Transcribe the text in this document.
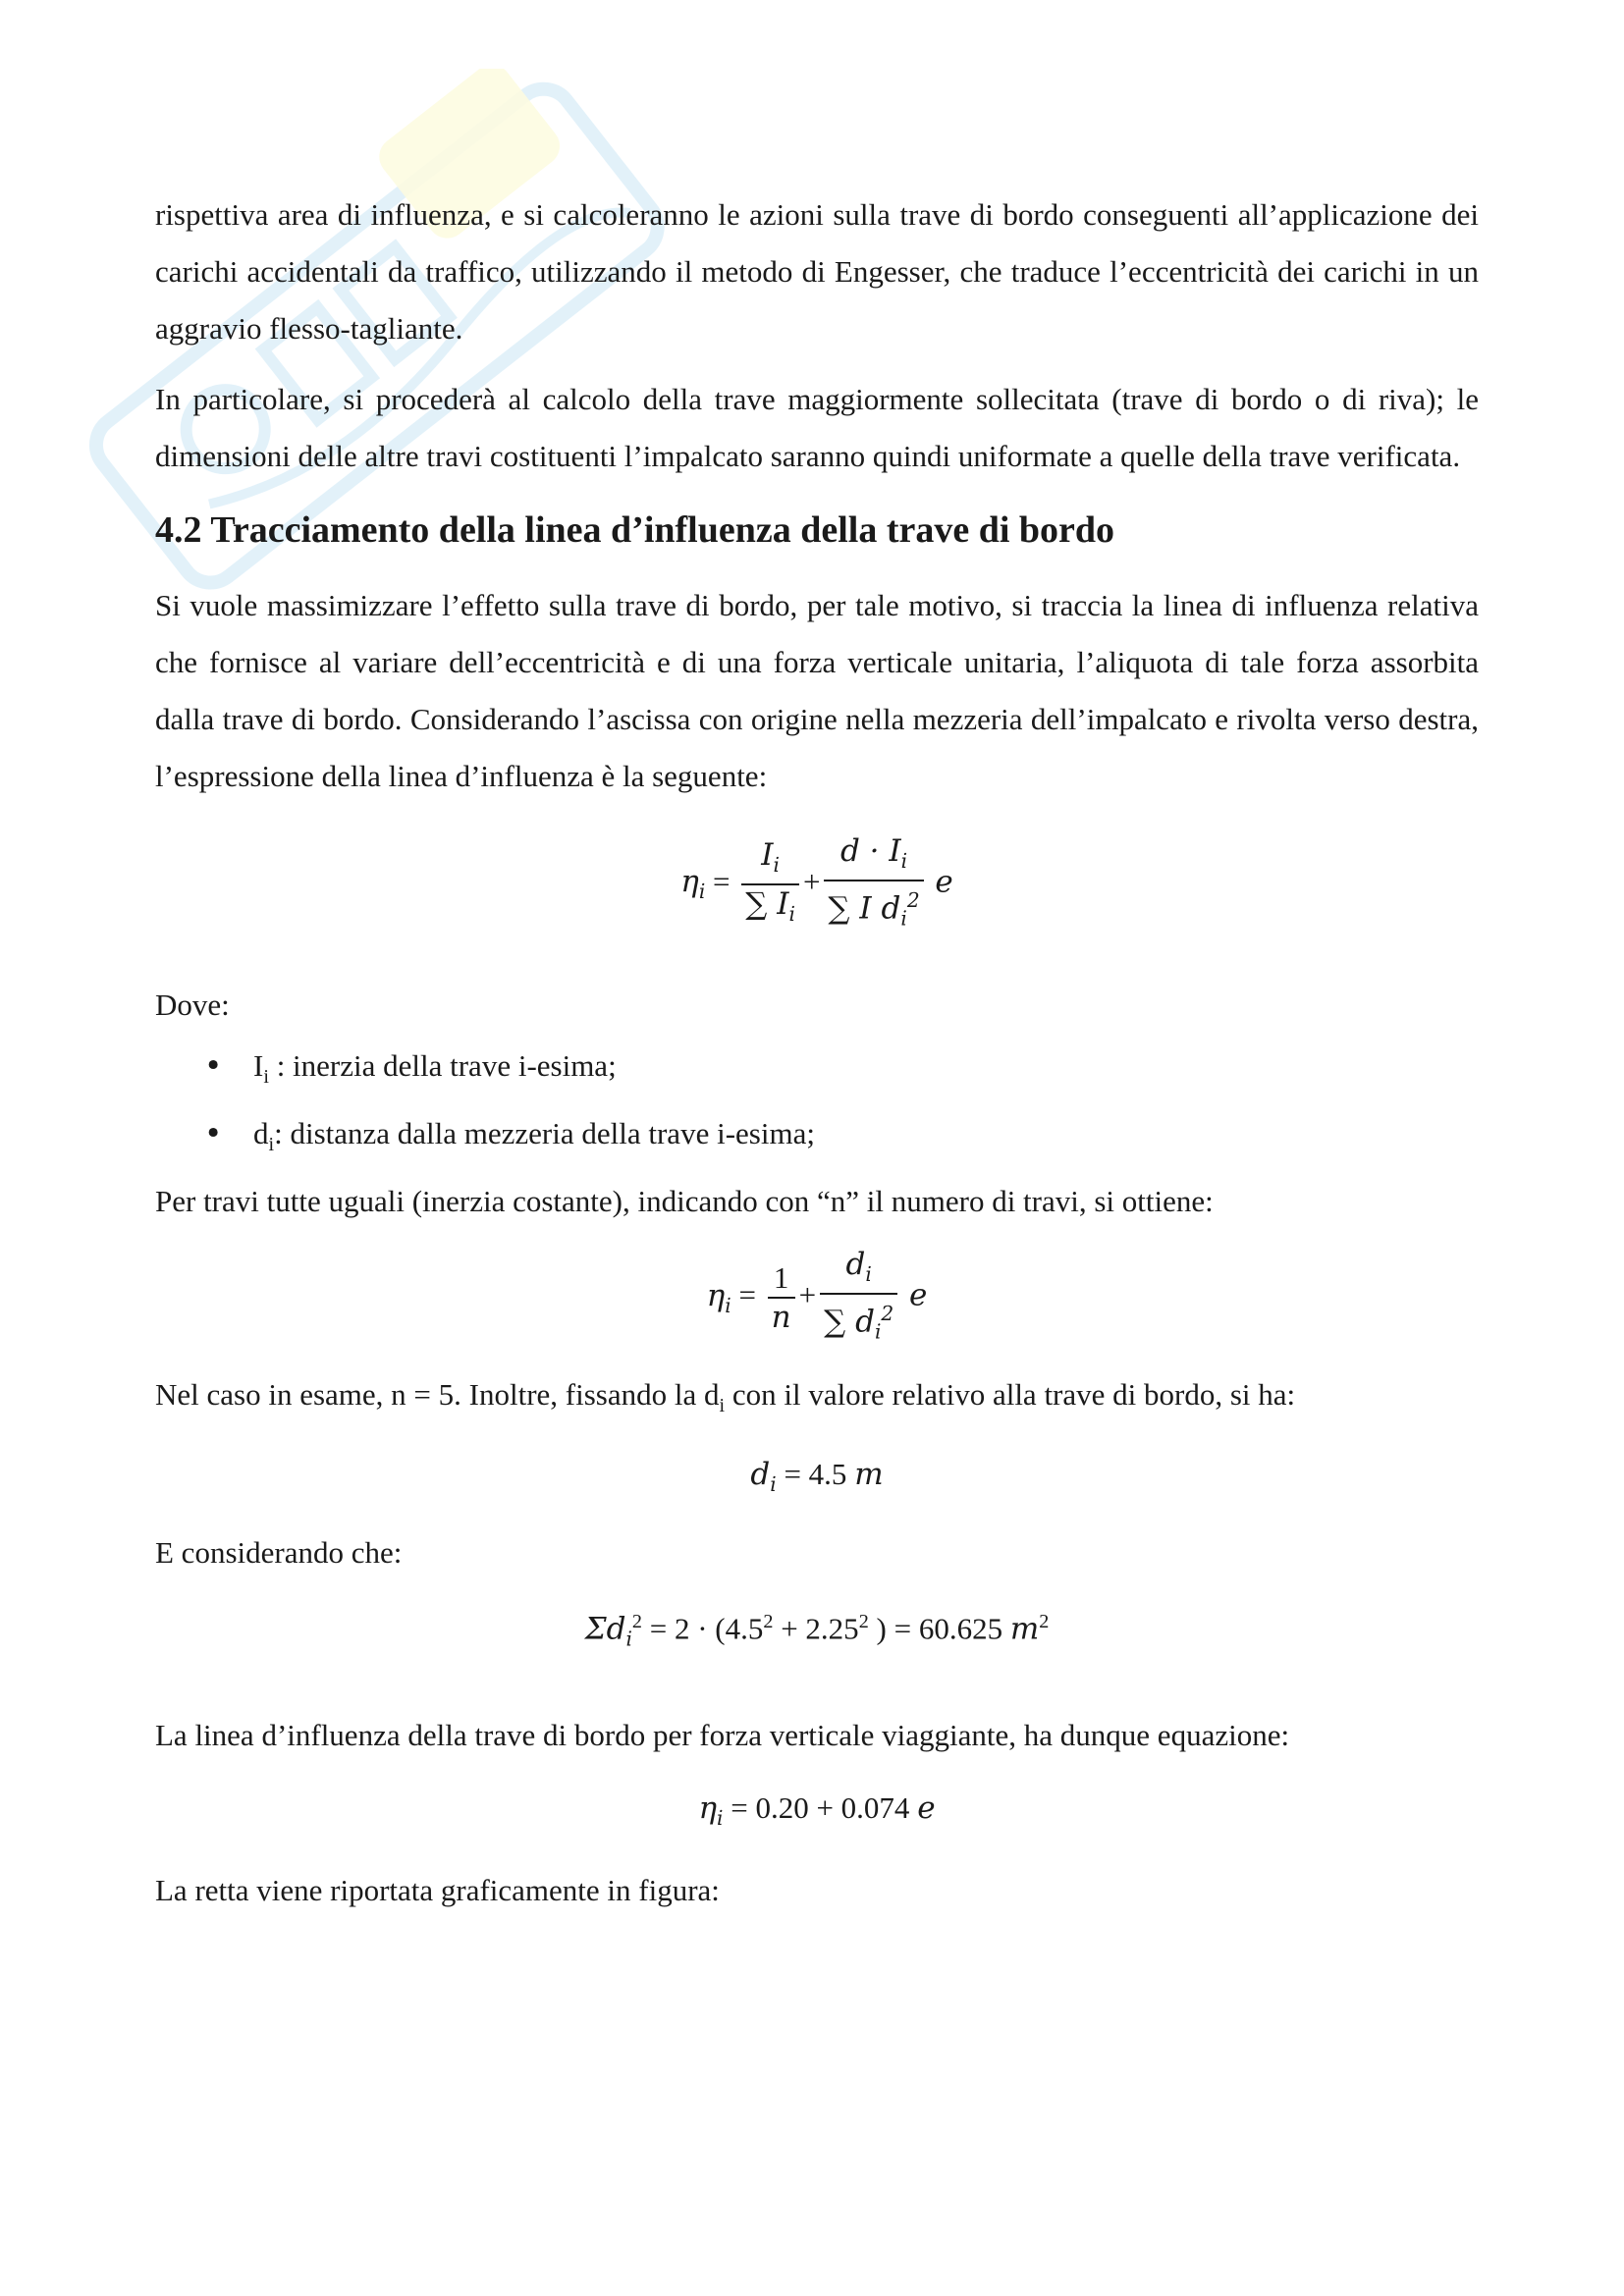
rispettiva area di influenza, e si calcoleranno le azioni sulla trave di bordo conseguenti all’applicazione dei carichi accidentali da traffico, utilizzando il metodo di Engesser, che traduce l’eccentricità dei carichi in un aggravio flesso-tagliante.

In particolare, si procederà al calcolo della trave maggiormente sollecitata (trave di bordo o di riva); le dimensioni delle altre travi costituenti l’impalcato saranno quindi uniformate a quelle della trave verificata.

4.2 Tracciamento della linea d’influenza della trave di bordo

Si vuole massimizzare l’effetto sulla trave di bordo, per tale motivo, si traccia la linea di influenza relativa che fornisce al variare dell’eccentricità e di una forza verticale unitaria, l’aliquota di tale forza assorbita dalla trave di bordo. Considerando l’ascissa con origine nella mezzeria dell’impalcato e rivolta verso destra, l’espressione della linea d’influenza è la seguente:

$\eta_i = \frac{I_i}{\sum I_i} + \frac{d \cdot I_i}{\sum I d_i^2}$ e

Dove:

• $I_i$ : inerzia della trave i-esima;
• $d_i$: distanza dalla mezzeria della trave i-esima;

Per travi tutte uguali (inerzia costante), indicando con “n” il numero di travi, si ottiene:

$\eta_i = \frac{1}{n} + \frac{d_i}{\sum d_i^2}$ e

Nel caso in esame, n = 5. Inoltre, fissando la $d_i$ con il valore relativo alla trave di bordo, si ha:

$d_i = 4.5$ m

E considerando che:

$\Sigma d_i^2 = 2 \cdot (4.5^2 + 2.25^2$ ) = 60.625 $m^2$

La linea d’influenza della trave di bordo per forza verticale viaggiante, ha dunque equazione:

$\eta_i = 0.20 + 0.074$ e

La retta viene riportata graficamente in figura:
